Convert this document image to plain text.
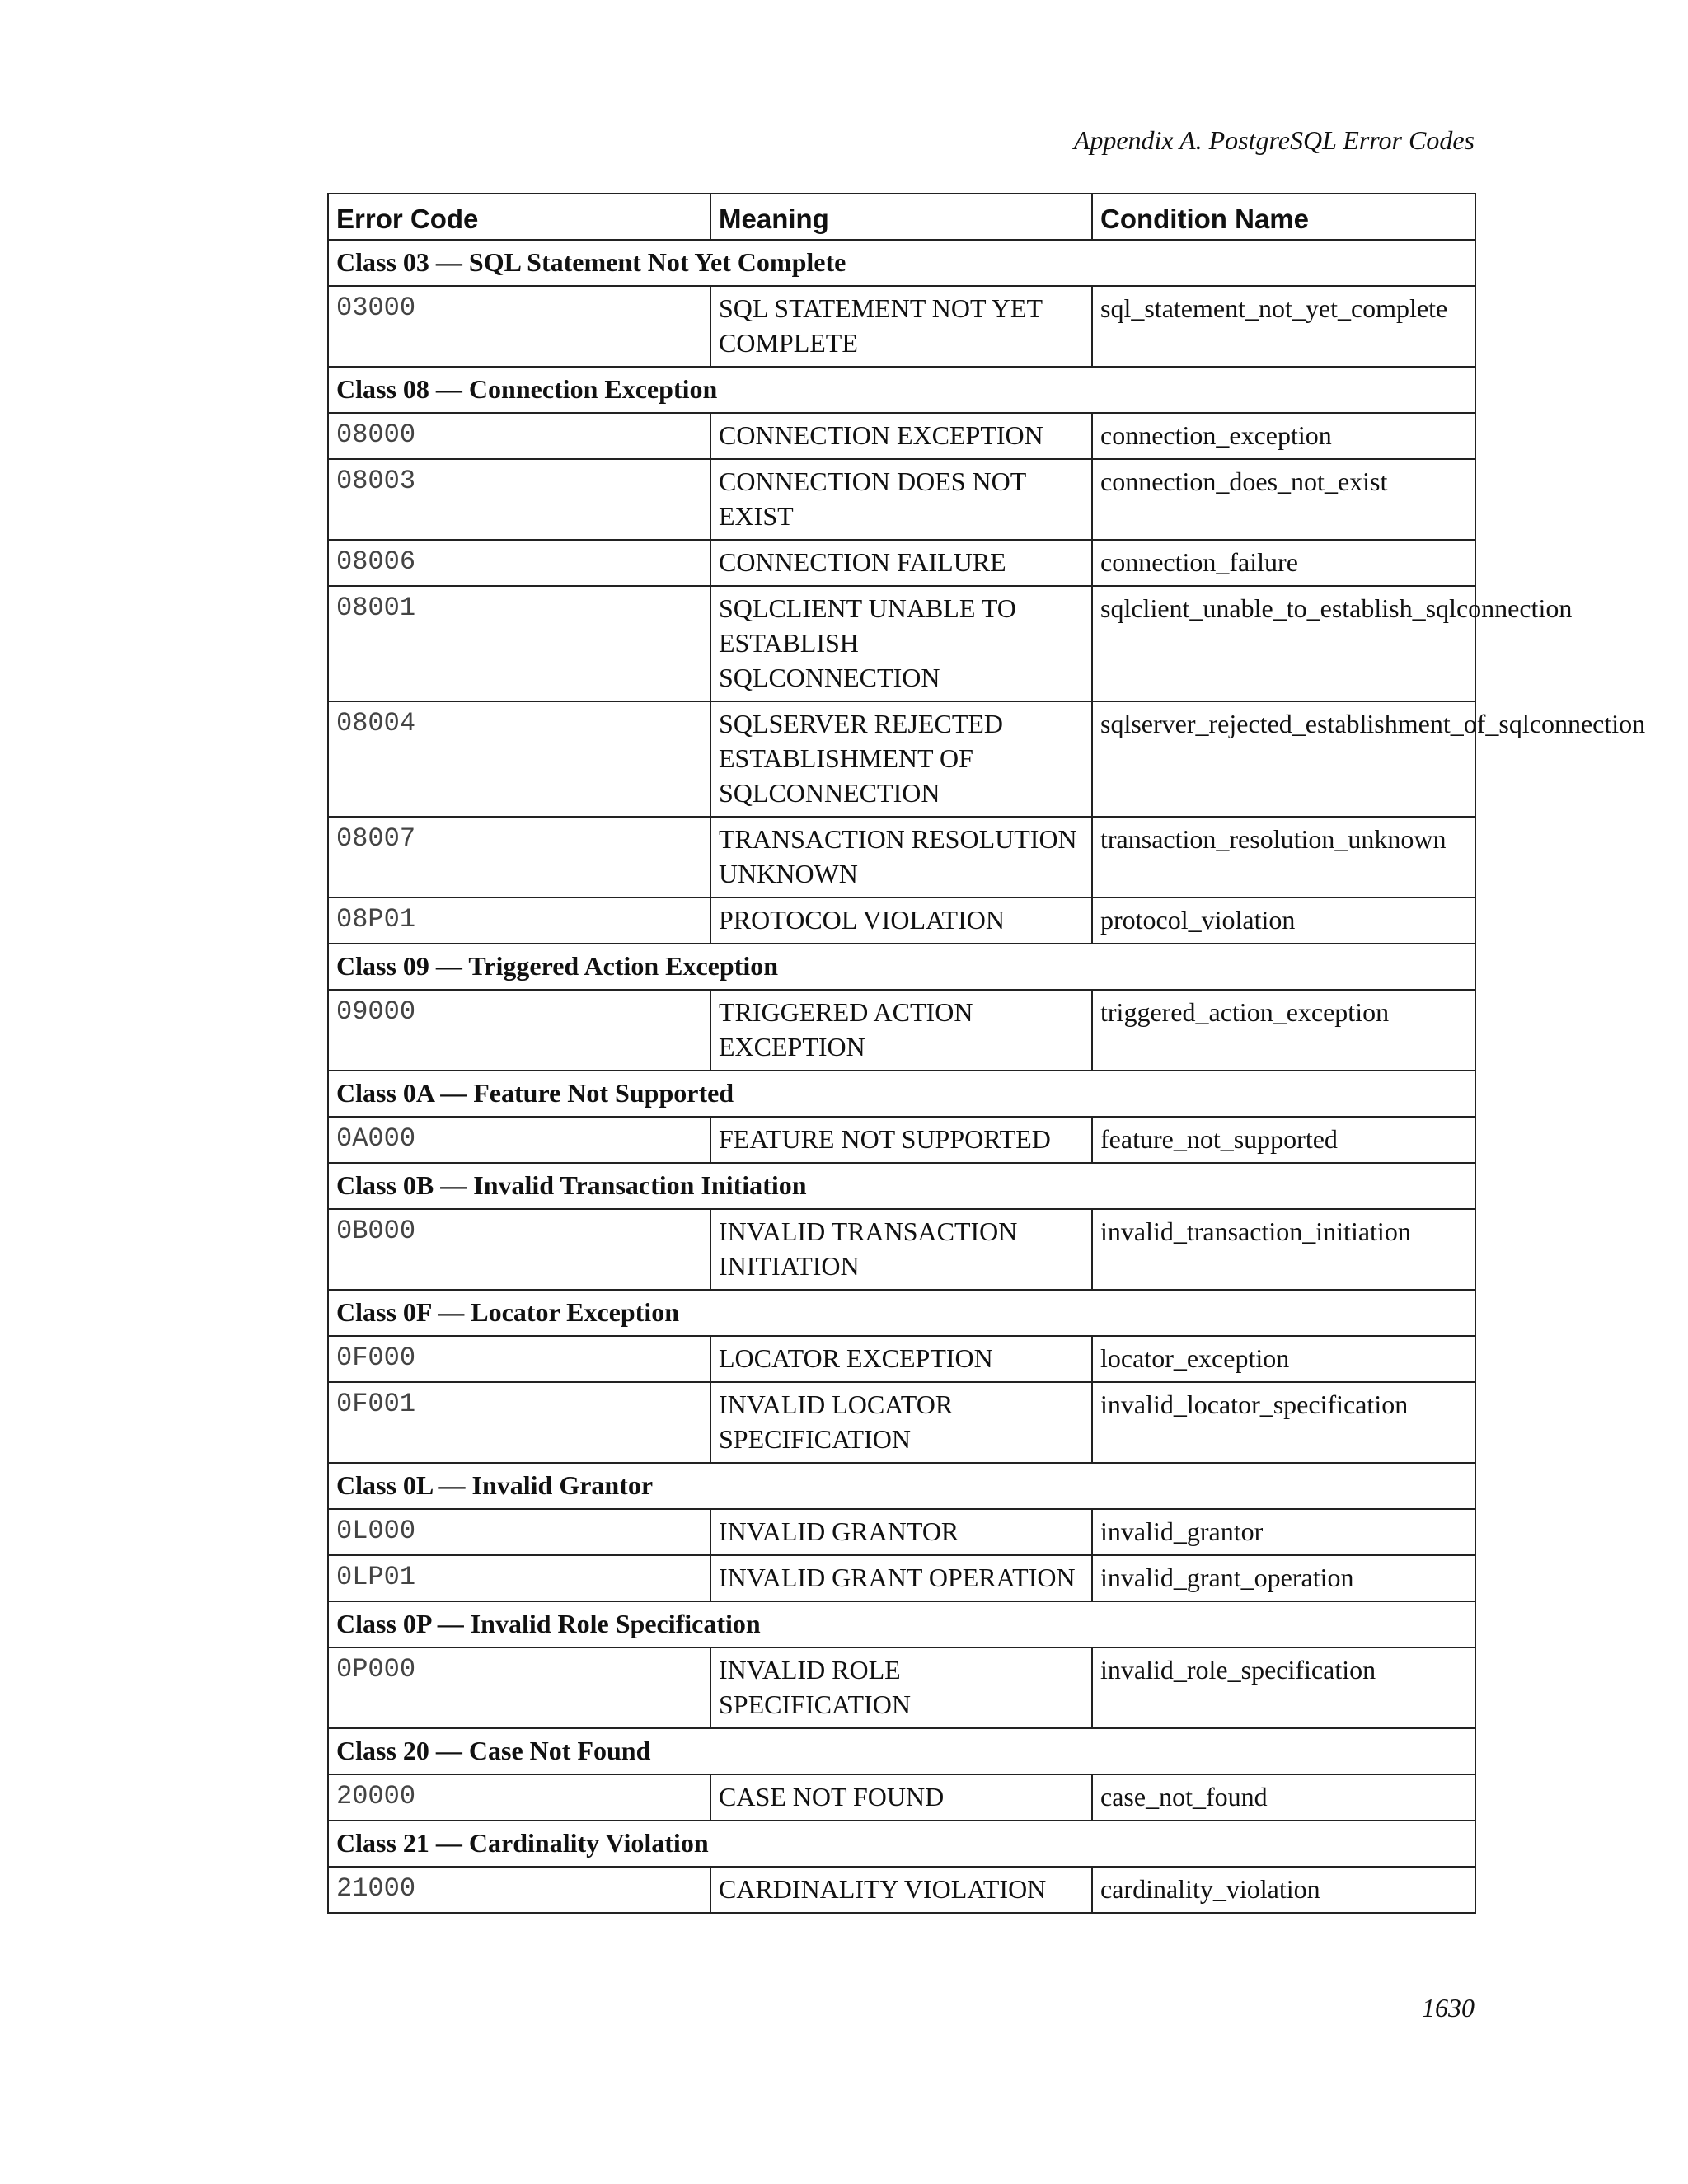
Appendix A. PostgreSQL Error Codes
Error Code	Meaning	Condition Name
Class 03 — SQL Statement Not Yet Complete		
03000	SQL STATEMENT NOT YET COMPLETE	sql_statement_not_yet_complete
Class 08 — Connection Exception		
08000	CONNECTION EXCEPTION	connection_exception
08003	CONNECTION DOES NOT EXIST	connection_does_not_exist
08006	CONNECTION FAILURE	connection_failure
08001	SQLCLIENT UNABLE TO ESTABLISH SQLCONNECTION	sqlclient_unable_to_establish_sqlconnection
08004	SQLSERVER REJECTED ESTABLISHMENT OF SQLCONNECTION	sqlserver_rejected_establishment_of_sqlconnection
08007	TRANSACTION RESOLUTION UNKNOWN	transaction_resolution_unknown
08P01	PROTOCOL VIOLATION	protocol_violation
Class 09 — Triggered Action Exception		
09000	TRIGGERED ACTION EXCEPTION	triggered_action_exception
Class 0A — Feature Not Supported		
0A000	FEATURE NOT SUPPORTED	feature_not_supported
Class 0B — Invalid Transaction Initiation		
0B000	INVALID TRANSACTION INITIATION	invalid_transaction_initiation
Class 0F — Locator Exception		
0F000	LOCATOR EXCEPTION	locator_exception
0F001	INVALID LOCATOR SPECIFICATION	invalid_locator_specification
Class 0L — Invalid Grantor		
0L000	INVALID GRANTOR	invalid_grantor
0LP01	INVALID GRANT OPERATION	invalid_grant_operation
Class 0P — Invalid Role Specification		
0P000	INVALID ROLE SPECIFICATION	invalid_role_specification
Class 20 — Case Not Found		
20000	CASE NOT FOUND	case_not_found
Class 21 — Cardinality Violation		
21000	CARDINALITY VIOLATION	cardinality_violation
1630
